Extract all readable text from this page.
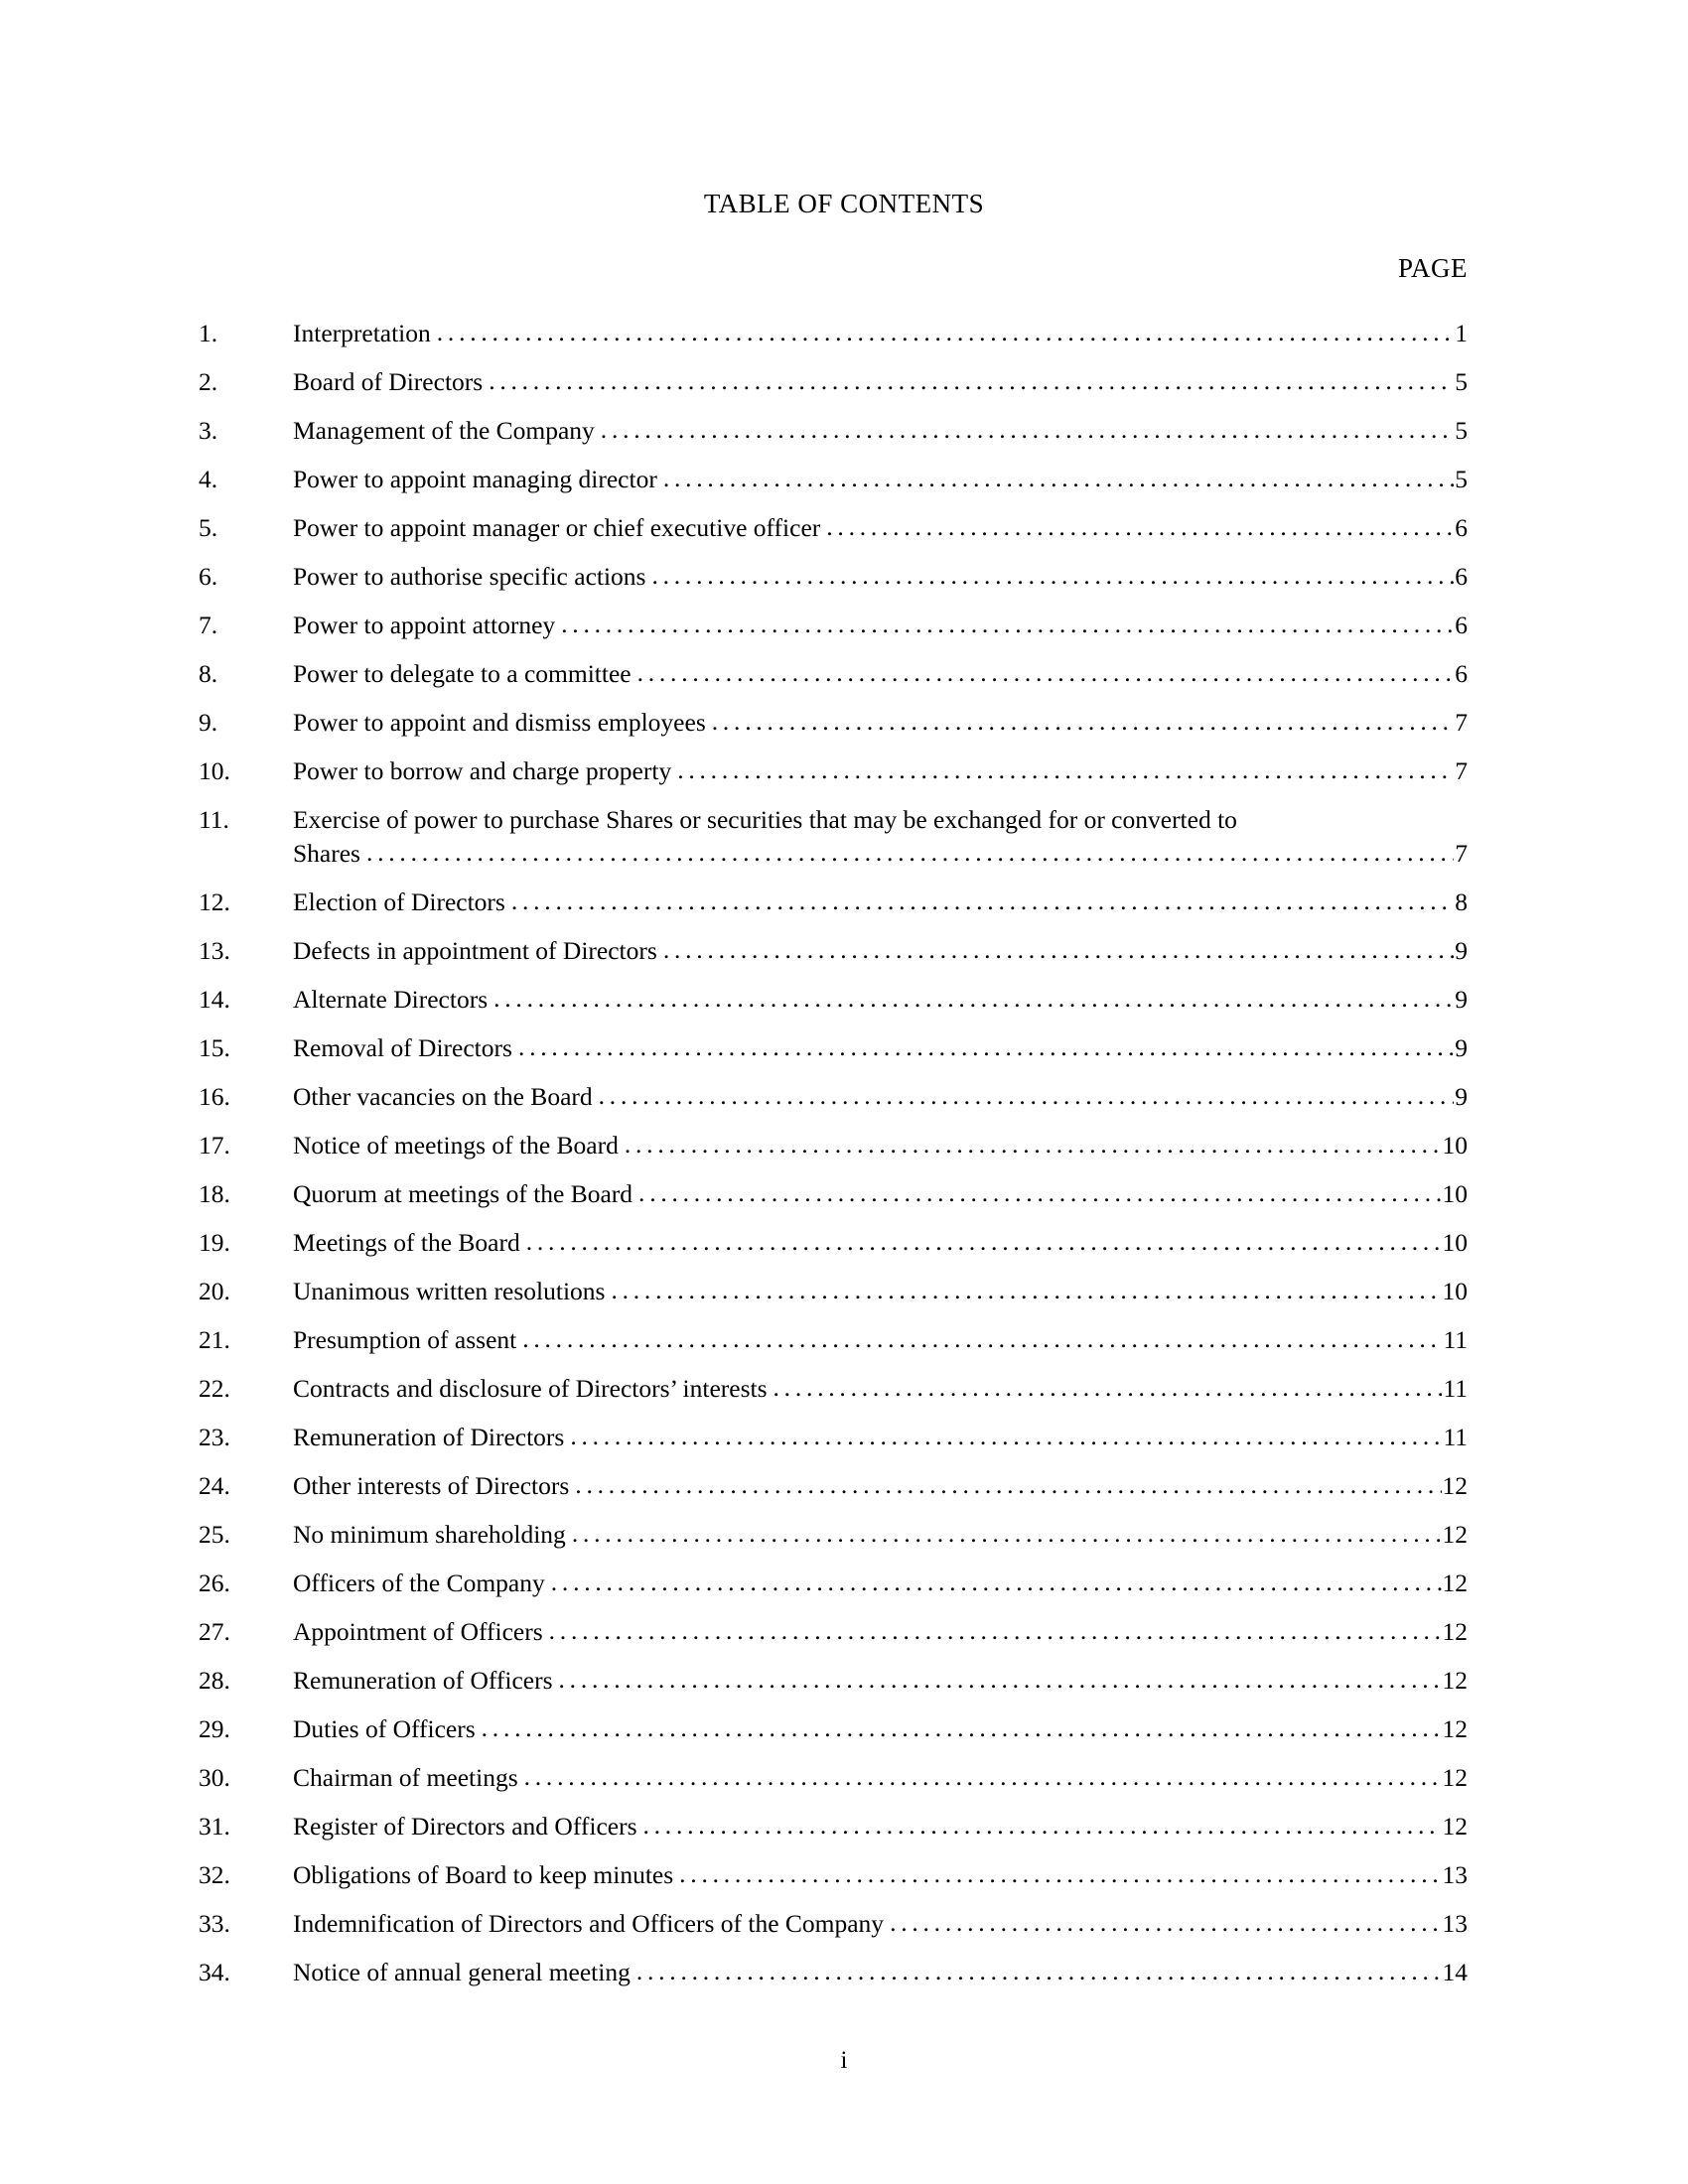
TABLE OF CONTENTS
PAGE
1.	Interpretation . . .	1
2.	Board of Directors . . .	5
3.	Management of the Company . . .	5
4.	Power to appoint managing director . . .	5
5.	Power to appoint manager or chief executive officer . . .	6
6.	Power to authorise specific actions . . .	6
7.	Power to appoint attorney . . .	6
8.	Power to delegate to a committee . . .	6
9.	Power to appoint and dismiss employees . . .	7
10.	Power to borrow and charge property . . .	7
11.	Exercise of power to purchase Shares or securities that may be exchanged for or converted to
Shares . . .	7
12.	Election of Directors . . .	8
13.	Defects in appointment of Directors . . .	9
14.	Alternate Directors . . .	9
15.	Removal of Directors . . .	9
16.	Other vacancies on the Board . . .	9
17.	Notice of meetings of the Board . . .	10
18.	Quorum at meetings of the Board . . .	10
19.	Meetings of the Board . . .	10
20.	Unanimous written resolutions . . .	10
21.	Presumption of assent . . .	11
22.	Contracts and disclosure of Directors’ interests . . .	11
23.	Remuneration of Directors . . .	11
24.	Other interests of Directors . . .	12
25.	No minimum shareholding . . .	12
26.	Officers of the Company . . .	12
27.	Appointment of Officers . . .	12
28.	Remuneration of Officers . . .	12
29.	Duties of Officers . . .	12
30.	Chairman of meetings . . .	12
31.	Register of Directors and Officers . . .	12
32.	Obligations of Board to keep minutes . . .	13
33.	Indemnification of Directors and Officers of the Company . . .	13
34.	Notice of annual general meeting . . .	14
i
